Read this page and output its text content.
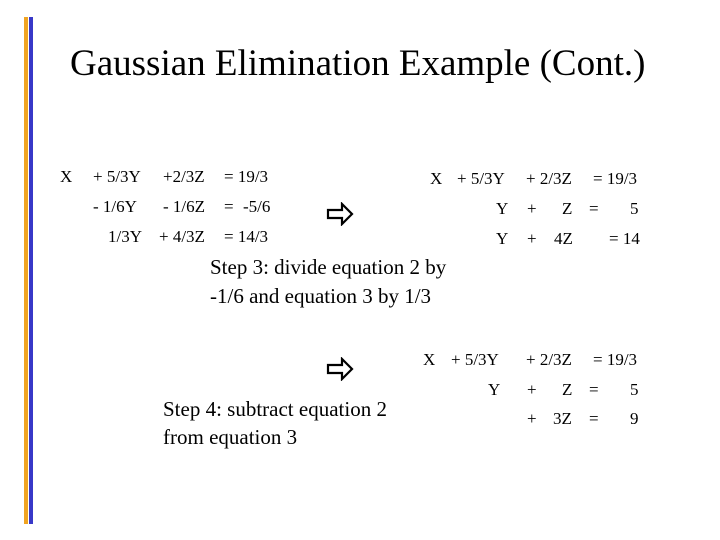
Gaussian Elimination Example (Cont.)
X + 5/3Y +2/3Z = 19/3
- 1/6Y - 1/6Z = -5/6
1/3Y + 4/3Z = 14/3
X + 5/3Y + 2/3Z = 19/3
Y + Z = 5
Y + 4Z = 14
Step 3: divide equation 2 by
-1/6 and equation 3 by 1/3
X + 5/3Y + 2/3Z = 19/3
Y + Z = 5
+ 3Z = 9
Step 4: subtract equation 2
from equation 3
